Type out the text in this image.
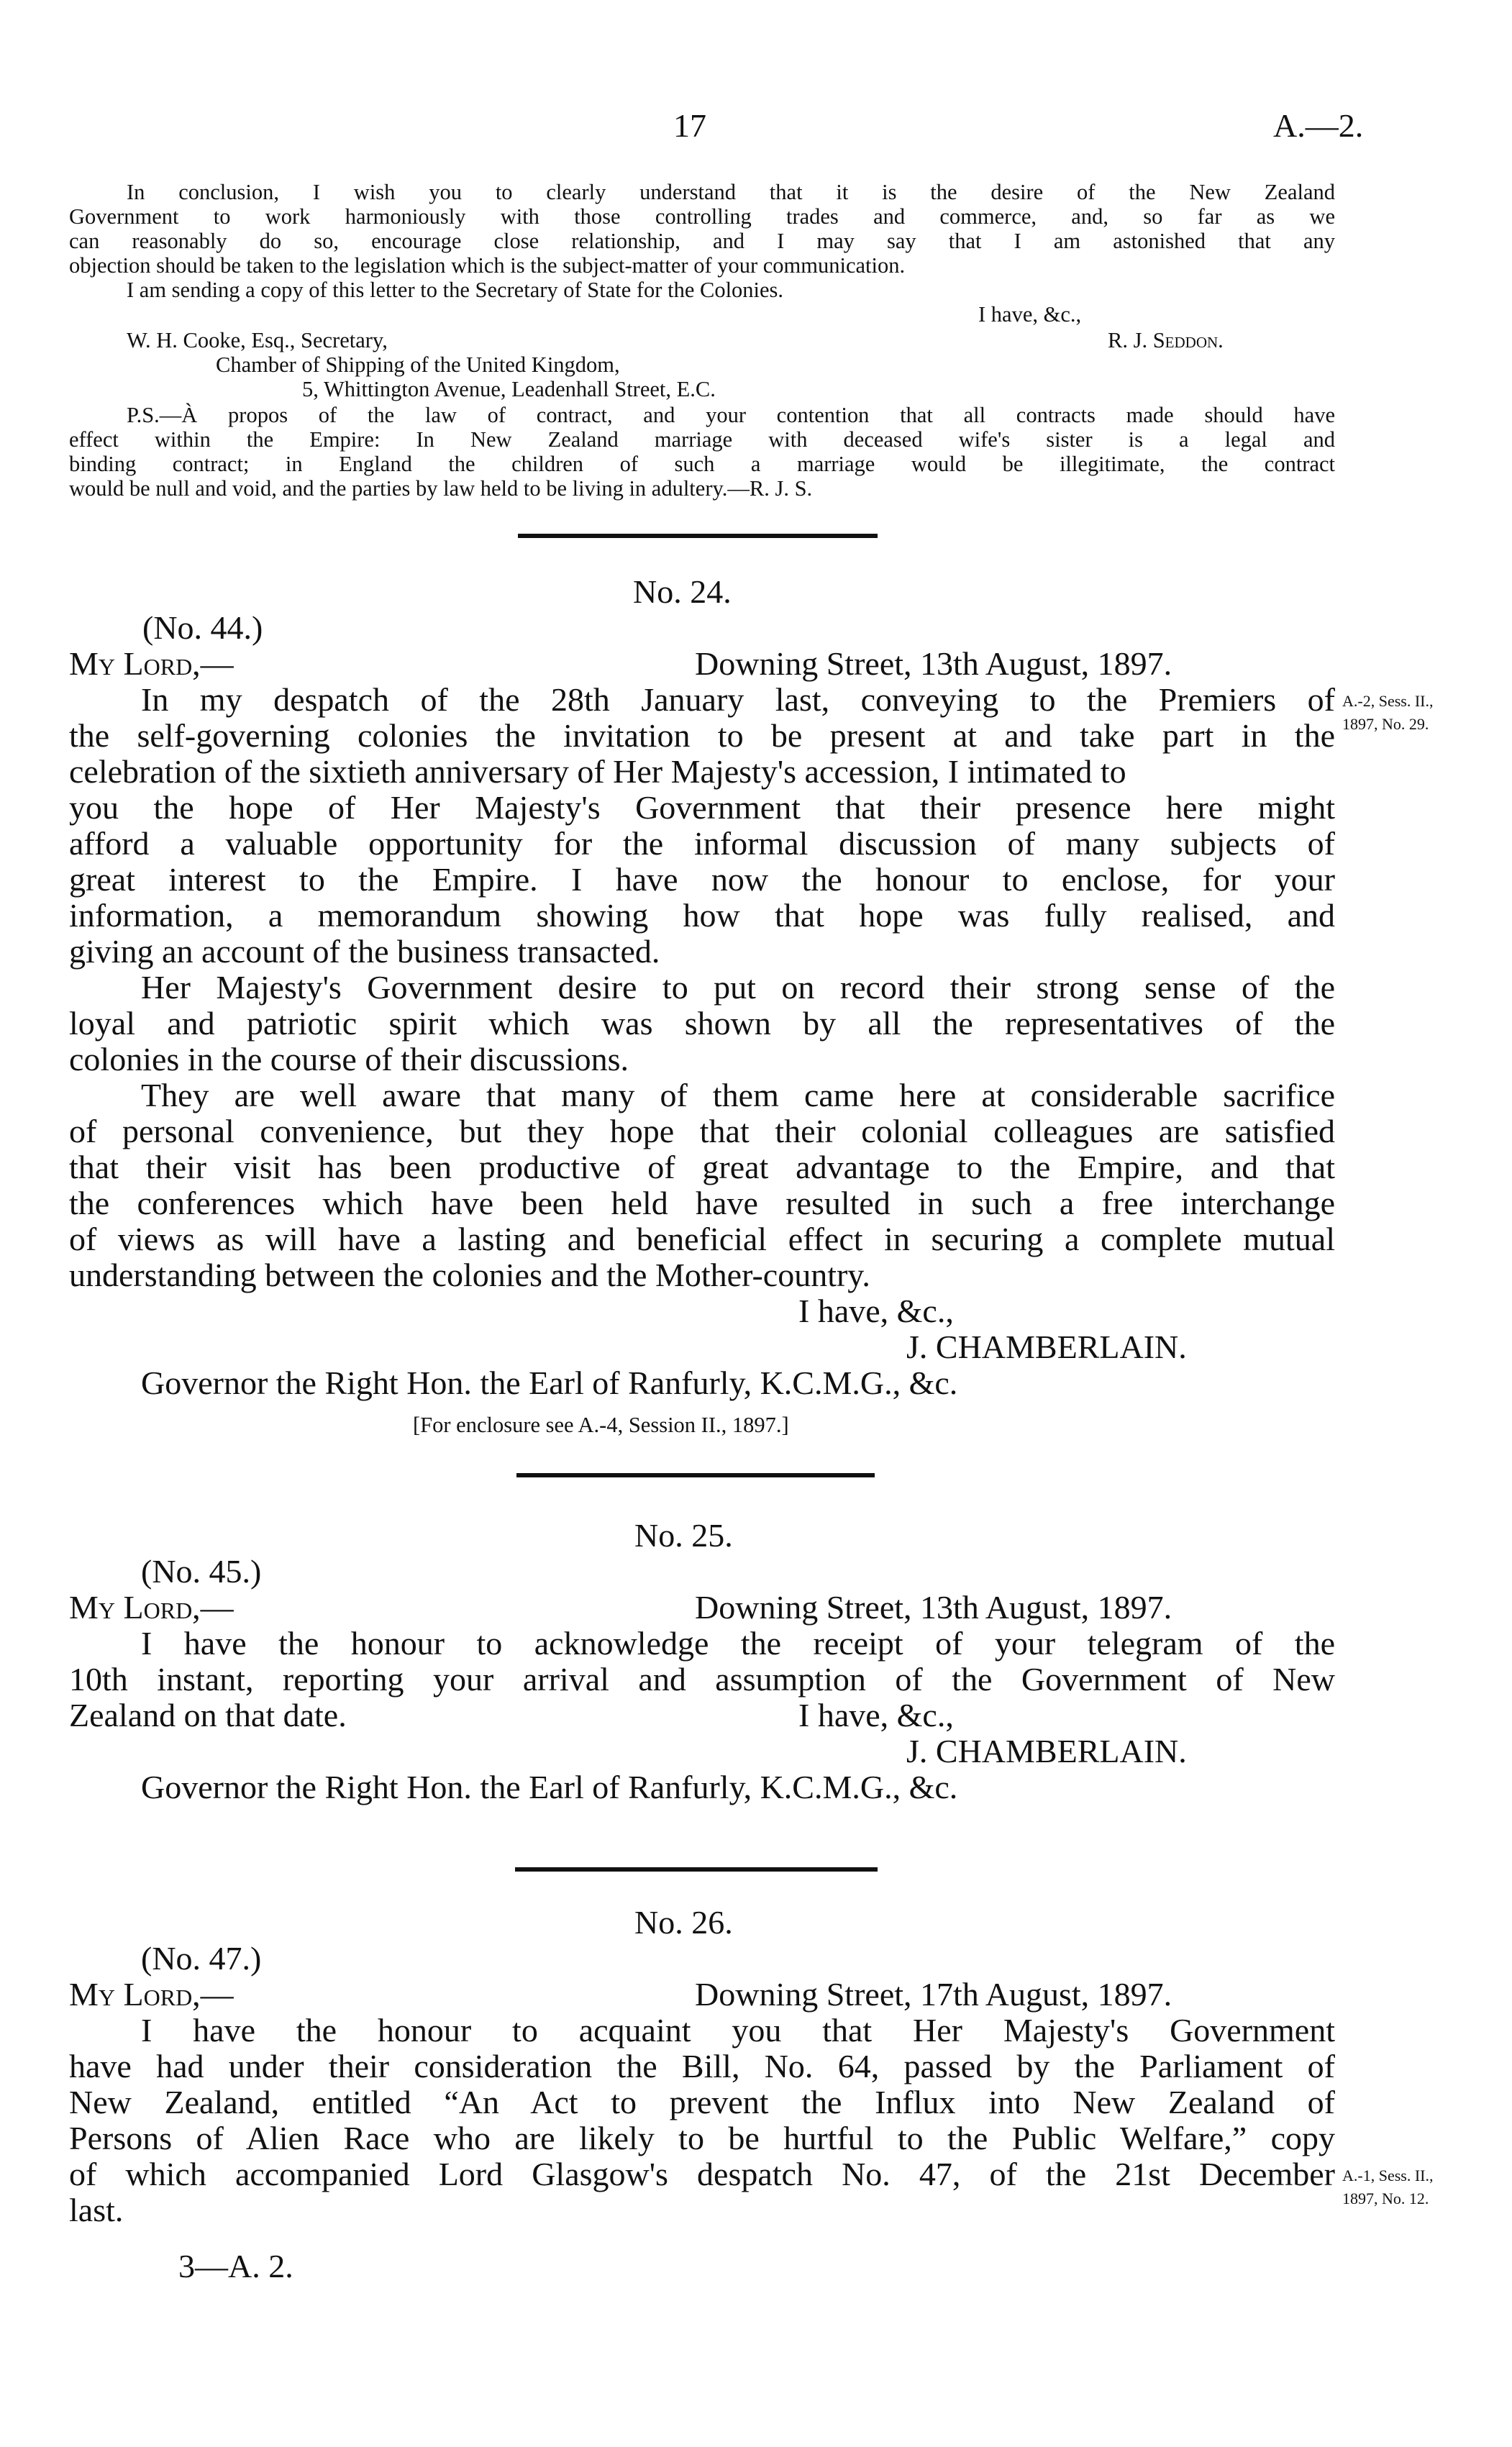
17	A.—2.
In conclusion, I wish you to clearly understand that it is the desire of the New Zealand
Government to work harmoniously with those controlling trades and commerce, and, so far as we
can reasonably do so, encourage close relationship, and I may say that I am astonished that any
objection should be taken to the legislation which is the subject-matter of your communication.
I am sending a copy of this letter to the Secretary of State for the Colonies.
I have, &c.,
W. H. Cooke, Esq., Secretary,	R. J. Seddon.
Chamber of Shipping of the United Kingdom,
5, Whittington Avenue, Leadenhall Street, E.C.
P.S.—À propos of the law of contract, and your contention that all contracts made should have
effect within the Empire: In New Zealand marriage with deceased wife's sister is a legal and
binding contract; in England the children of such a marriage would be illegitimate, the contract
would be null and void, and the parties by law held to be living in adultery.—R. J. S.
No. 24.
(No. 44.)
My Lord,—	Downing Street, 13th August, 1897.
In my despatch of the 28th January last, conveying to the Premiers of
the self-governing colonies the invitation to be present at and take part in the
celebration of the sixtieth anniversary of Her Majesty's accession, I intimated to
you the hope of Her Majesty's Government that their presence here might
afford a valuable opportunity for the informal discussion of many subjects of
great interest to the Empire. I have now the honour to enclose, for your
information, a memorandum showing how that hope was fully realised, and
giving an account of the business transacted.
Her Majesty's Government desire to put on record their strong sense of the
loyal and patriotic spirit which was shown by all the representatives of the
colonies in the course of their discussions.
They are well aware that many of them came here at considerable sacrifice
of personal convenience, but they hope that their colonial colleagues are satisfied
that their visit has been productive of great advantage to the Empire, and that
the conferences which have been held have resulted in such a free interchange
of views as will have a lasting and beneficial effect in securing a complete mutual
understanding between the colonies and the Mother-country.
I have, &c.,
J. CHAMBERLAIN.
Governor the Right Hon. the Earl of Ranfurly, K.C.M.G., &c.
[For enclosure see A.-4, Session II., 1897.]
A.-2, Sess. II.,
1897, No. 29.
No. 25.
(No. 45.)
My Lord,—	Downing Street, 13th August, 1897.
I have the honour to acknowledge the receipt of your telegram of the
10th instant, reporting your arrival and assumption of the Government of New
Zealand on that date.	I have, &c.,
J. CHAMBERLAIN.
Governor the Right Hon. the Earl of Ranfurly, K.C.M.G., &c.
No. 26.
(No. 47.)
My Lord,—	Downing Street, 17th August, 1897.
I have the honour to acquaint you that Her Majesty's Government
have had under their consideration the Bill, No. 64, passed by the Parliament of
New Zealand, entitled “An Act to prevent the Influx into New Zealand of
Persons of Alien Race who are likely to be hurtful to the Public Welfare,” copy
of which accompanied Lord Glasgow's despatch No. 47, of the 21st December
last.
A.-1, Sess. II.,
1897, No. 12.
3—A. 2.
